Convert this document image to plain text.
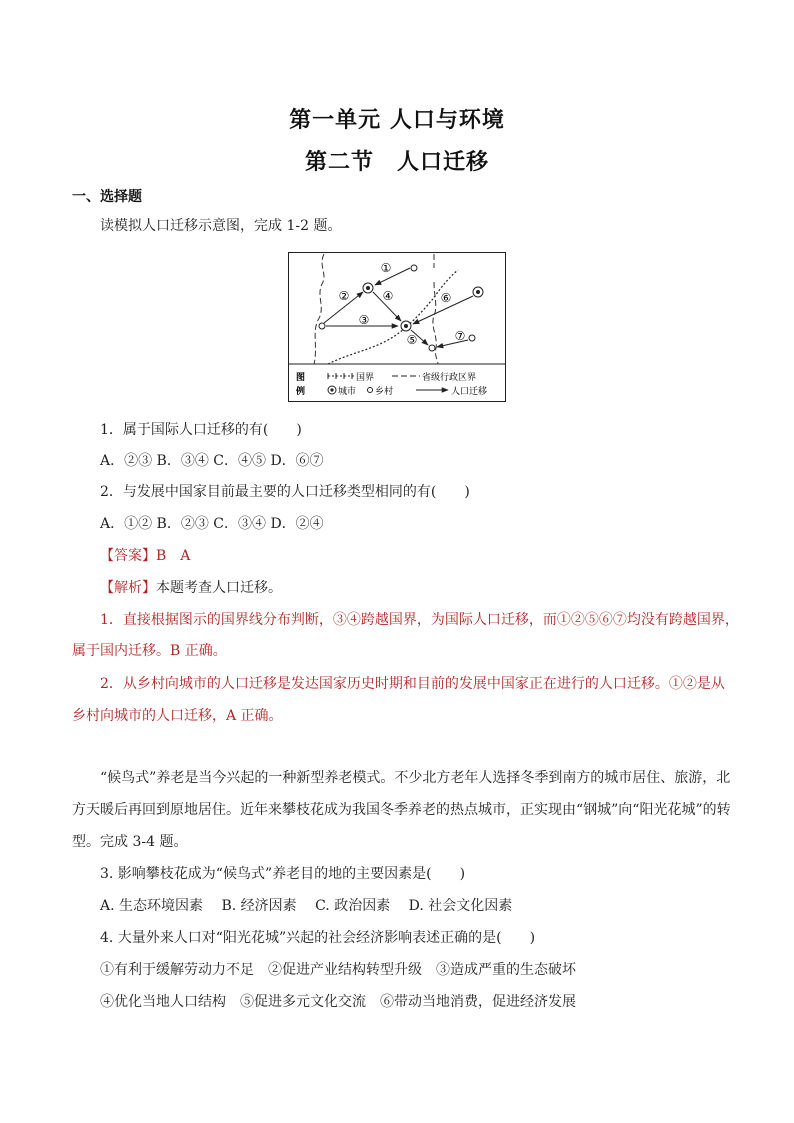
第一单元 人口与环境
第二节　人口迁移
一、选择题
读模拟人口迁移示意图，完成 1-2 题。
①
②
③
④
⑤
⑥
⑦
图
例
国界	省级行政区界
城市 乡村	人口迁移
1．属于国际人口迁移的有(　　)
A．②③ B．③④ C．④⑤ D．⑥⑦
2．与发展中国家目前最主要的人口迁移类型相同的有(　　)
A．①② B．②③ C．③④ D．②④
【答案】B　A
【解析】本题考查人口迁移。
1．直接根据图示的国界线分布判断，③④跨越国界，为国际人口迁移，而①②⑤⑥⑦均没有跨越国界，
属于国内迁移。B 正确。
2．从乡村向城市的人口迁移是发达国家历史时期和目前的发展中国家正在进行的人口迁移。①②是从
乡村向城市的人口迁移，A 正确。
“候鸟式”养老是当今兴起的一种新型养老模式。不少北方老年人选择冬季到南方的城市居住、旅游，北
方天暖后再回到原地居住。近年来攀枝花成为我国冬季养老的热点城市，正实现由“钢城”向“阳光花城”的转
型。完成 3-4 题。
3. 影响攀枝花成为“候鸟式”养老目的地的主要因素是(　　)
A. 生态环境因素　 B. 经济因素　 C. 政治因素　 D. 社会文化因素
4. 大量外来人口对“阳光花城”兴起的社会经济影响表述正确的是(　　)
①有利于缓解劳动力不足　②促进产业结构转型升级　③造成严重的生态破坏
④优化当地人口结构　⑤促进多元文化交流　⑥带动当地消费，促进经济发展
